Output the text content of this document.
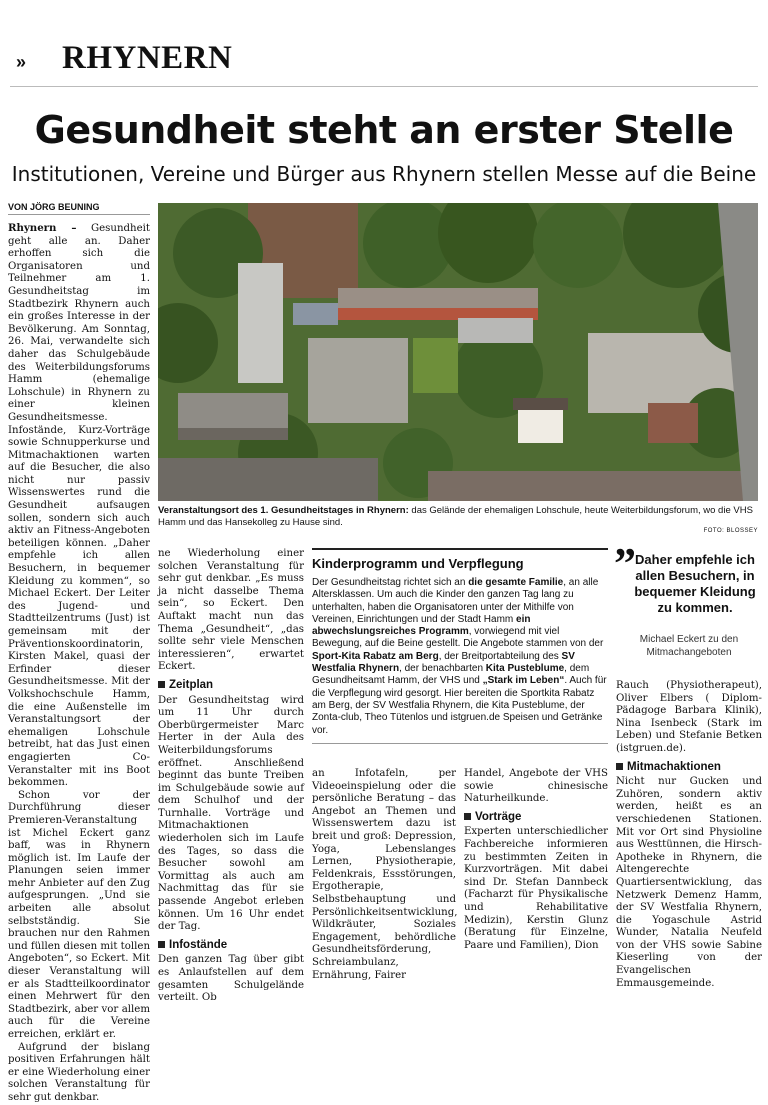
» RHYNERN
Gesundheit steht an erster Stelle
Institutionen, Vereine und Bürger aus Rhynern stellen Messe auf die Beine
VON JÖRG BEUNING
Veranstaltungsort des 1. Gesundheitstages in Rhynern: das Gelände der ehemaligen Lohschule, heute Weiterbildungsforum, wo die VHS Hamm und das Hansekolleg zu Hause sind.
FOTO: BLOSSEY

Rhynern – Gesundheit geht alle an. Daher erhoffen sich die Organisatoren und Teilnehmer am 1. Gesundheitstag im Stadtbezirk Rhynern auch ein großes Interesse in der Bevölkerung. Am Sonntag, 26. Mai, verwandelte sich daher das Schulgebäude des Weiterbildungsforums Hamm (ehemalige Lohschule) in Rhynern zu einer kleinen Gesundheitsmesse. Infostände, Kurz-Vorträge sowie Schnupperkurse und Mitmachaktionen warten auf die Besucher, die also nicht nur passiv Wissenswertes rund die Gesundheit aufsaugen sollen, sondern sich auch aktiv an Fitness-Angeboten beteiligen können. „Daher empfehle ich allen Besuchern, in bequemer Kleidung zu kommen“, so Michael Eckert. Der Leiter des Jugend- und Stadtteilzentrums (Just) ist gemeinsam mit der Präventionskoordinatorin, Kirsten Makel, quasi der Erfinder dieser Gesundheitsmesse. Mit der Volkshochschule Hamm, die eine Außenstelle im Veranstaltungsort der ehemaligen Lohschule betreibt, hat das Just einen engagierten Co-Veranstalter mit ins Boot bekommen.

Schon vor der Durchführung dieser Premieren-Veranstaltung ist Michel Eckert ganz baff, was in Rhynern möglich ist. Im Laufe der Planungen seien immer mehr Anbieter auf den Zug aufgesprungen. „Und sie arbeiten alle absolut selbstständig. Sie brauchen nur den Rahmen und füllen diesen mit tollen Angeboten“, so Eckert. Mit dieser Veranstaltung will er als Stadtteilkoordinator einen Mehrwert für den Stadtbezirk, aber vor allem auch für die Vereine erreichen, erklärt er.

Aufgrund der bislang positiven Erfahrungen hält er eine Wiederholung einer solchen Veranstaltung für sehr gut denkbar.

ne Wiederholung einer solchen Veranstaltung für sehr gut denkbar. „Es muss ja nicht dasselbe Thema sein“, so Eckert. Den Auftakt macht nun das Thema „Gesundheit“, „das sollte sehr viele Menschen interessieren“, erwartet Eckert.

Zeitplan

Der Gesundheitstag wird um 11 Uhr durch Oberbürgermeister Marc Herter in der Aula des Weiterbildungsforums eröffnet. Anschließend beginnt das bunte Treiben im Schulgebäude sowie auf dem Schulhof und der Turnhalle. Vorträge und Mitmachaktionen wiederholen sich im Laufe des Tages, so dass die Besucher sowohl am Vormittag als auch am Nachmittag das für sie passende Angebot erleben können. Um 16 Uhr endet der Tag.

Infostände

Den ganzen Tag über gibt es Anlaufstellen auf dem gesamten Schulgelände verteilt. Ob

Kinderprogramm und Verpflegung
Der Gesundheitstag richtet sich an die gesamte Familie, an alle Altersklassen. Um auch die Kinder den ganzen Tag lang zu unterhalten, haben die Organisatoren unter der Mithilfe von Vereinen, Einrichtungen und der Stadt Hamm ein abwechslungsreiches Programm, vorwiegend mit viel Bewegung, auf die Beine gestellt. Die Angebote stammen von der Sport-Kita Rabatz am Berg, der Breitportabteilung des SV Westfalia Rhynern, der benachbarten Kita Pusteblume, dem Gesundheitsamt Hamm, der VHS und „Stark im Leben“. Auch für die Verpflegung wird gesorgt. Hier bereiten die Sportkita Rabatz am Berg, der SV Westfalia Rhynern, die Kita Pusteblume, der Zonta-club, Theo Tütenlos und istgruen.de Speisen und Getränke vor.

an Infotafeln, per Videoeinspielung oder die persönliche Beratung – das Angebot an Themen und Wissenswertem dazu ist breit und groß: Depression, Yoga, Lebenslanges Lernen, Physiotherapie, Feldenkrais, Essstörungen, Ergotherapie, Selbstbehauptung und Persönlichkeitsentwicklung, Wildkräuter, Soziales Engagement, behördliche Gesundheitsförderung, Schreiambulanz, Ernährung, Fairer

Handel, Angebote der VHS sowie chinesische Naturheilkunde.

Vorträge

Experten unterschiedlicher Fachbereiche informieren zu bestimmten Zeiten in Kurzvorträgen. Mit dabei sind Dr. Stefan Dannbeck (Facharzt für Physikalische und Rehabilitative Medizin), Kerstin Glunz (Beratung für Einzelne, Paare und Familien), Dion

” Daher empfehle ich allen Besuchern, in bequemer Kleidung zu kommen.
Michael Eckert zu den Mitmachangeboten

Rauch (Physiotherapeut), Oliver Elbers ( Diplom-Pädagoge Barbara Klinik), Nina Isenbeck (Stark im Leben) und Stefanie Betken (istgruen.de).

Mitmachaktionen

Nicht nur Gucken und Zuhören, sondern aktiv werden, heißt es an verschiedenen Stationen. Mit vor Ort sind Physioline aus Westtünnen, die Hirsch-Apotheke in Rhynern, die Altengerechte Quartiersentwicklung, das Netzwerk Demenz Hamm, der SV Westfalia Rhynern, die Yogaschule Astrid Wunder, Natalia Neufeld von der VHS sowie Sabine Kieserling von der Evangelischen Emmausgemeinde.
